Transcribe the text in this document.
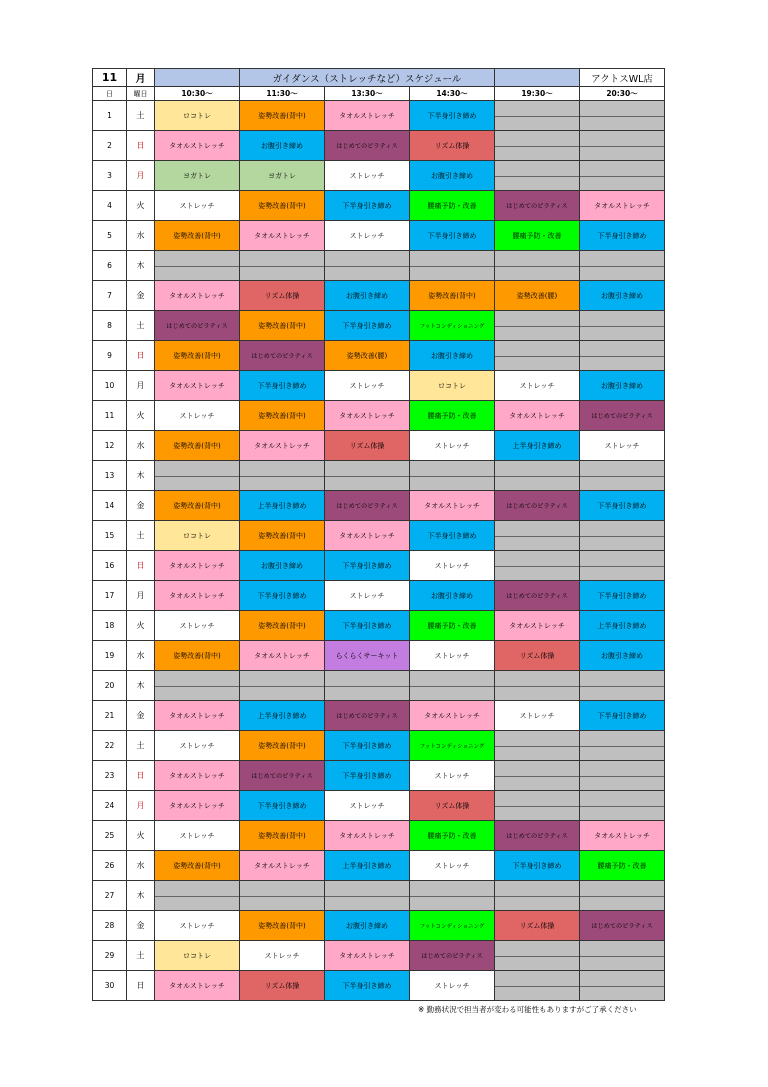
11	月		ガイダンス（ストレッチなど）スケジュール				アクトスWL店
日	曜日	10:30〜	11:30〜	13:30〜	14:30〜	19:30〜	20:30〜
1	土	ロコトレ	姿勢改善(背中)	タオルストレッチ	下半身引き締め	

2	日	タオルストレッチ	お腹引き締め	はじめてのピラティス	リズム体操	

3	月	ヨガトレ	ヨガトレ	ストレッチ	お腹引き締め	

4	火	ストレッチ	姿勢改善(背中)	下半身引き締め	腰痛予防・改善	はじめてのピラティス	タオルストレッチ
5	水	姿勢改善(背中)	タオルストレッチ	ストレッチ	下半身引き締め	腰痛予防・改善	下半身引き締め
6	木	

7	金	タオルストレッチ	リズム体操	お腹引き締め	姿勢改善(背中)	姿勢改善(腰)	お腹引き締め
8	土	はじめてのピラティス	姿勢改善(背中)	下半身引き締め	フットコンディショニング	

9	日	姿勢改善(背中)	はじめてのピラティス	姿勢改善(腰)	お腹引き締め	

10	月	タオルストレッチ	下半身引き締め	ストレッチ	ロコトレ	ストレッチ	お腹引き締め
11	火	ストレッチ	姿勢改善(背中)	タオルストレッチ	腰痛予防・改善	タオルストレッチ	はじめてのピラティス
12	水	姿勢改善(背中)	タオルストレッチ	リズム体操	ストレッチ	上半身引き締め	ストレッチ
13	木	

14	金	姿勢改善(背中)	上半身引き締め	はじめてのピラティス	タオルストレッチ	はじめてのピラティス	下半身引き締め
15	土	ロコトレ	姿勢改善(背中)	タオルストレッチ	下半身引き締め	

16	日	タオルストレッチ	お腹引き締め	下半身引き締め	ストレッチ	

17	月	タオルストレッチ	下半身引き締め	ストレッチ	お腹引き締め	はじめてのピラティス	下半身引き締め
18	火	ストレッチ	姿勢改善(背中)	下半身引き締め	腰痛予防・改善	タオルストレッチ	上半身引き締め
19	水	姿勢改善(背中)	タオルストレッチ	らくらくサーキット	ストレッチ	リズム体操	お腹引き締め
20	木	

21	金	タオルストレッチ	上半身引き締め	はじめてのピラティス	タオルストレッチ	ストレッチ	下半身引き締め
22	土	ストレッチ	姿勢改善(背中)	下半身引き締め	フットコンディショニング	

23	日	タオルストレッチ	はじめてのピラティス	下半身引き締め	ストレッチ	

24	月	タオルストレッチ	下半身引き締め	ストレッチ	リズム体操	

25	火	ストレッチ	姿勢改善(背中)	タオルストレッチ	腰痛予防・改善	はじめてのピラティス	タオルストレッチ
26	水	姿勢改善(背中)	タオルストレッチ	上半身引き締め	ストレッチ	下半身引き締め	腰痛予防・改善
27	木	

28	金	ストレッチ	姿勢改善(背中)	お腹引き締め	フットコンディショニング	リズム体操	はじめてのピラティス
29	土	ロコトレ	ストレッチ	タオルストレッチ	はじめてのピラティス	

30	日	タオルストレッチ	リズム体操	下半身引き締め	ストレッチ	

※ 勤務状況で担当者が変わる可能性もありますがご了承ください
